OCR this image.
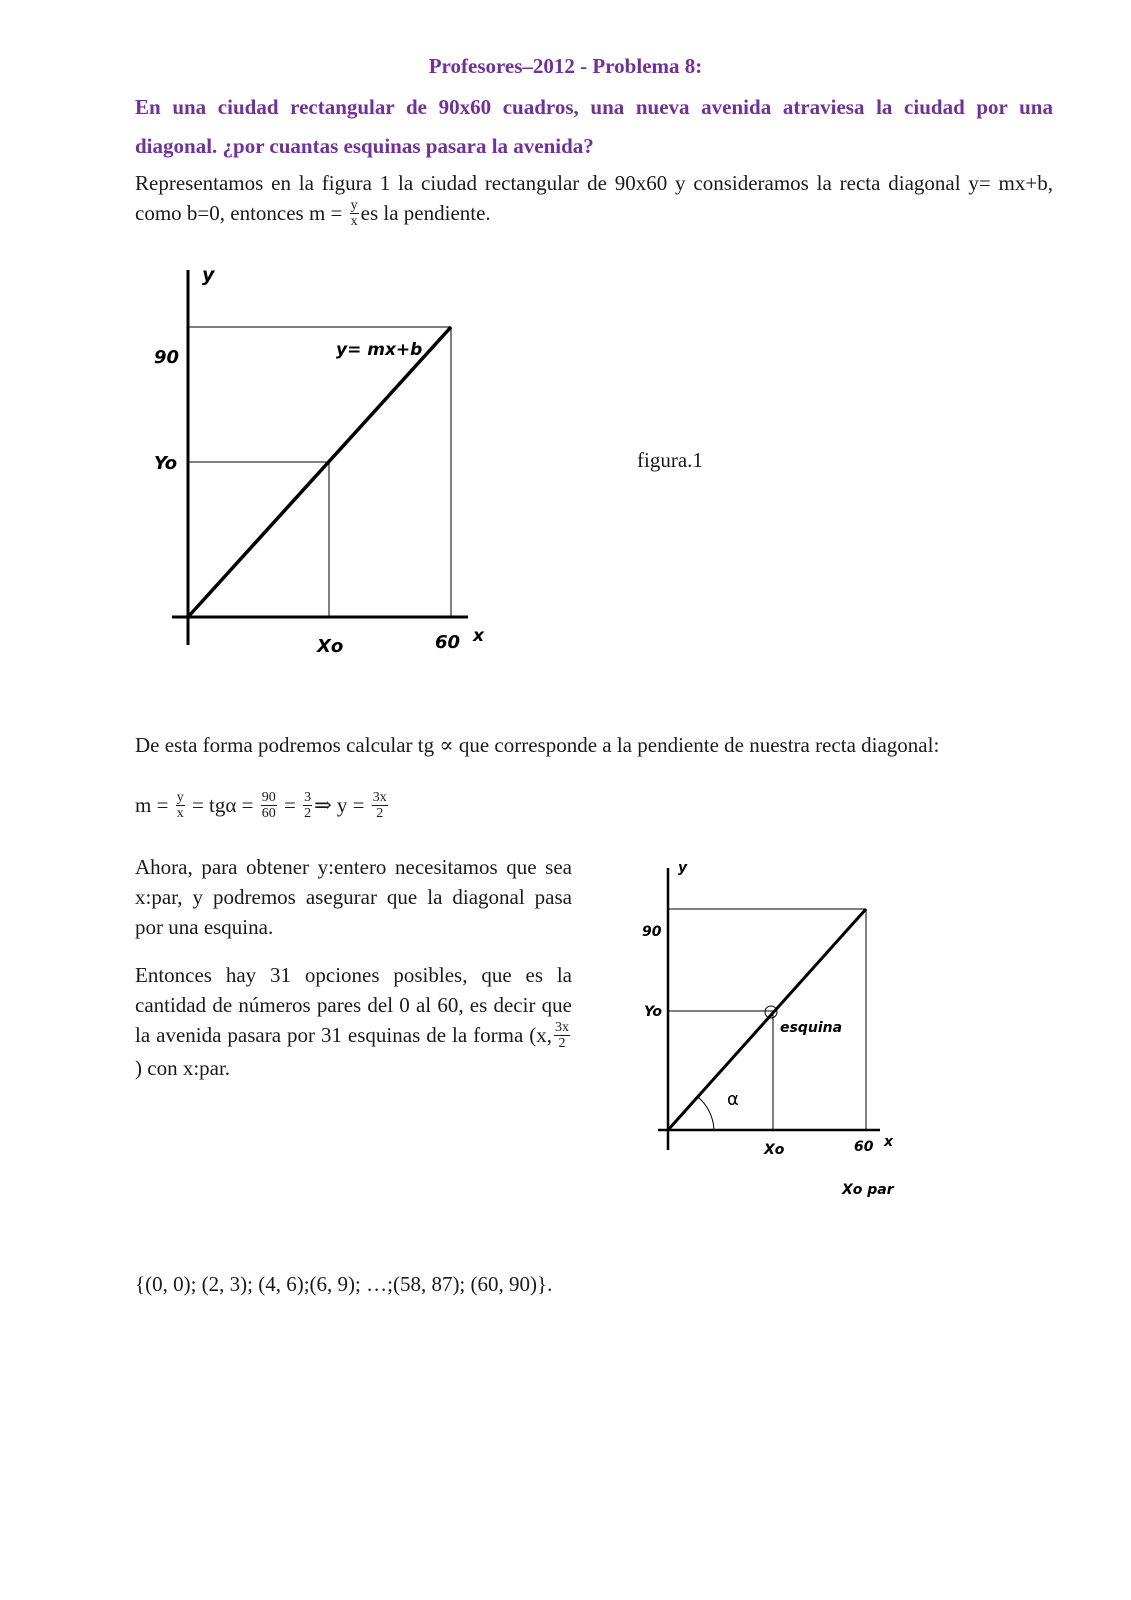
Profesores–2012 - Problema 8:
En una ciudad rectangular de 90x60 cuadros, una nueva avenida atraviesa la ciudad por una
diagonal. ¿por cuantas esquinas pasara la avenida?
Representamos en la figura 1 la ciudad rectangular de 90x60 y consideramos la recta diagonal y= mx+b, como b=0, entonces $m = \frac{y}{x}$ es la pendiente.
y
90
Yo
y= mx+b
Xo	60 x
figura.1
De esta forma podremos calcular tg ∝ que corresponde a la pendiente de nuestra recta diagonal:
$m = \frac{y}{x} = tg\alpha = \frac{90}{60} = \frac{3}{2}$ ⇒ $y = \frac{3x}{2}$

Ahora, para obtener y:entero necesitamos que sea x:par, y podremos asegurar que la diagonal pasa por una esquina.

Entonces hay 31 opciones posibles, que es la cantidad de números pares del 0 al 60, es decir que la avenida pasara por 31 esquinas de la forma (x, $\frac{3x}{2}$
) con x:par.

y
90
Yo
esquina
α
Xo	60 x
Xo par
{(0, 0); (2, 3); (4, 6);(6, 9); …;(58, 87); (60, 90)}.
